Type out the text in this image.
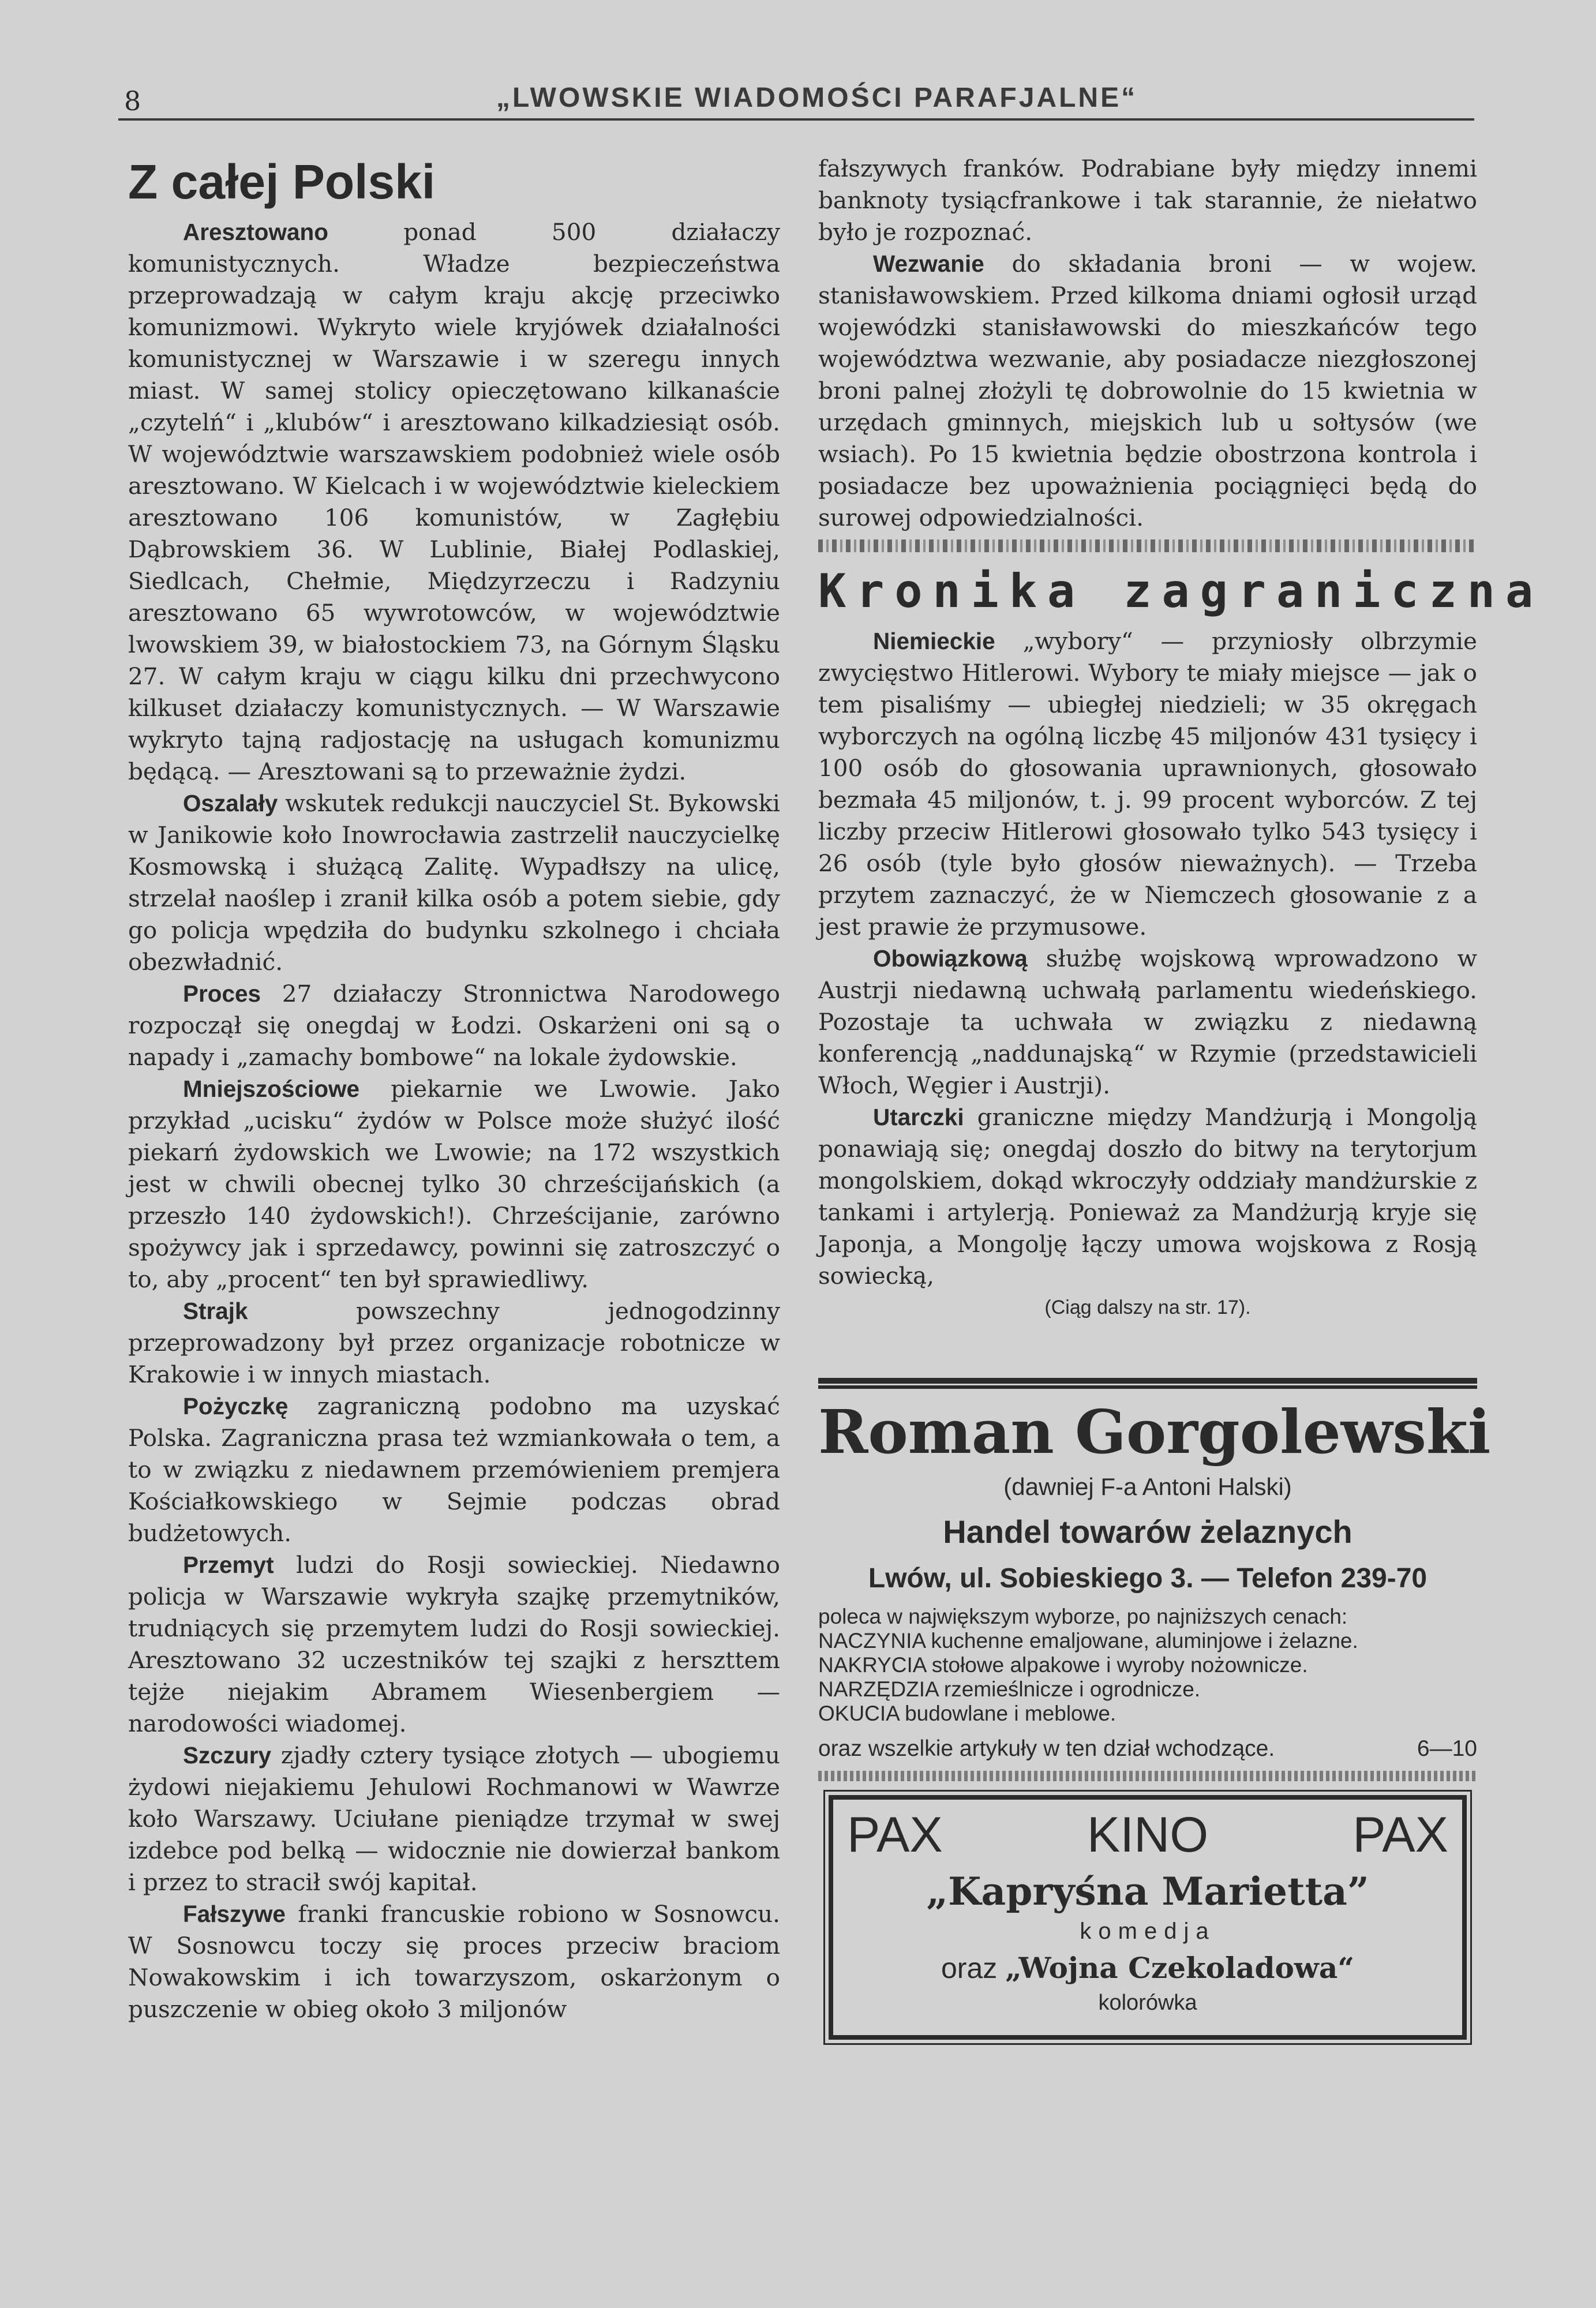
8	„LWOWSKIE WIADOMOŚCI PARAFJALNE“
Z całej Polski

Aresztowano ponad 500 działaczy komunistycznych. Władze bezpieczeństwa przeprowadzają w całym kraju akcję przeciwko komunizmowi. Wykryto wiele kryjówek działalności komunistycznej w Warszawie i w szeregu innych miast. W samej stolicy opieczętowano kilkanaście „czytelń“ i „klubów“ i aresztowano kilkadziesiąt osób. W województwie warszawskiem podobnież wiele osób aresztowano. W Kielcach i w województwie kieleckiem aresztowano 106 komunistów, w Zagłębiu Dąbrowskiem 36. W Lublinie, Białej Podlaskiej, Siedlcach, Chełmie, Międzyrzeczu i Radzyniu aresztowano 65 wywrotowców, w województwie lwowskiem 39, w białostockiem 73, na Górnym Śląsku 27. W całym kraju w ciągu kilku dni przechwycono kilkuset działaczy komunistycznych. — W Warszawie wykryto tajną radjostację na usługach komunizmu będącą. — Aresztowani są to przeważnie żydzi.

Oszalały wskutek redukcji nauczyciel St. Bykowski w Janikowie koło Inowrocławia zastrzelił nauczycielkę Kosmowską i służącą Zalitę. Wypadłszy na ulicę, strzelał naoślep i zranił kilka osób a potem siebie, gdy go policja wpędziła do budynku szkolnego i chciała obezwładnić.

Proces 27 działaczy Stronnictwa Narodowego rozpoczął się onegdaj w Łodzi. Oskarżeni oni są o napady i „zamachy bombowe“ na lokale żydowskie.

Mniejszościowe piekarnie we Lwowie. Jako przykład „ucisku“ żydów w Polsce może służyć ilość piekarń żydowskich we Lwowie; na 172 wszystkich jest w chwili obecnej tylko 30 chrześcijańskich (a przeszło 140 żydowskich!). Chrześcijanie, zarówno spożywcy jak i sprzedawcy, powinni się zatroszczyć o to, aby „procent“ ten był sprawiedliwy.

Strajk powszechny jednogodzinny przeprowadzony był przez organizacje robotnicze w Krakowie i w innych miastach.

Pożyczkę zagraniczną podobno ma uzyskać Polska. Zagraniczna prasa też wzmiankowała o tem, a to w związku z niedawnem przemówieniem premjera Kościałkowskiego w Sejmie podczas obrad budżetowych.

Przemyt ludzi do Rosji sowieckiej. Niedawno policja w Warszawie wykryła szajkę przemytników, trudniących się przemytem ludzi do Rosji sowieckiej. Aresztowano 32 uczestników tej szajki z herszttem tejże niejakim Abramem Wiesenbergiem — narodowości wiadomej.

Szczury zjadły cztery tysiące złotych — ubogiemu żydowi niejakiemu Jehulowi Rochmanowi w Wawrze koło Warszawy. Uciułane pieniądze trzymał w swej izdebce pod belką — widocznie nie dowierzał bankom i przez to stracił swój kapitał.

Fałszywe franki francuskie robiono w Sosnowcu. W Sosnowcu toczy się proces przeciw braciom Nowakowskim i ich towarzyszom, oskarżonym o puszczenie w obieg około 3 miljonów

fałszywych franków. Podrabiane były między innemi banknoty tysiącfrankowe i tak starannie, że niełatwo było je rozpoznać.

Wezwanie do składania broni — w wojew. stanisławowskiem. Przed kilkoma dniami ogłosił urząd wojewódzki stanisławowski do mieszkańców tego województwa wezwanie, aby posiadacze niezgłoszonej broni palnej złożyli tę dobrowolnie do 15 kwietnia w urzędach gminnych, miejskich lub u sołtysów (we wsiach). Po 15 kwietnia będzie obostrzona kontrola i posiadacze bez upoważnienia pociągnięci będą do surowej odpowiedzialności.

Kronika zagraniczna

Niemieckie „wybory“ — przyniosły olbrzymie zwycięstwo Hitlerowi. Wybory te miały miejsce — jak o tem pisaliśmy — ubiegłej niedzieli; w 35 okręgach wyborczych na ogólną liczbę 45 miljonów 431 tysięcy i 100 osób do głosowania uprawnionych, głosowało bezmała 45 miljonów, t. j. 99 procent wyborców. Z tej liczby przeciw Hitlerowi głosowało tylko 543 tysięcy i 26 osób (tyle było głosów nieważnych). — Trzeba przytem zaznaczyć, że w Niemczech głosowanie z a jest prawie że przymusowe.

Obowiązkową służbę wojskową wprowadzono w Austrji niedawną uchwałą parlamentu wiedeńskiego. Pozostaje ta uchwała w związku z niedawną konferencją „naddunajską“ w Rzymie (przedstawicieli Włoch, Węgier i Austrji).

Utarczki graniczne między Mandżurją i Mongolją ponawiają się; onegdaj doszło do bitwy na terytorjum mongolskiem, dokąd wkroczyły oddziały mandżurskie z tankami i artylerją. Ponieważ za Mandżurją kryje się Japonja, a Mongolję łączy umowa wojskowa z Rosją sowiecką,

(Ciąg dalszy na str. 17).

Roman Gorgolewski
(dawniej F-a Antoni Halski)
Handel towarów żelaznych
Lwów, ul. Sobieskiego 3. — Telefon 239-70
poleca w największym wyborze, po najniższych cenach:
NACZYNIA kuchenne emaljowane, aluminjowe i żelazne.
NAKRYCIA stołowe alpakowe i wyroby nożownicze.
NARZĘDZIA rzemieślnicze i ogrodnicze.
OKUCIA budowlane i meblowe.
oraz wszelkie artykuły w ten dział wchodzące.	6—10
PAX	KINO	PAX
„Kapryśna Marietta”
komedja
oraz „Wojna Czekoladowa“
kolorówka
